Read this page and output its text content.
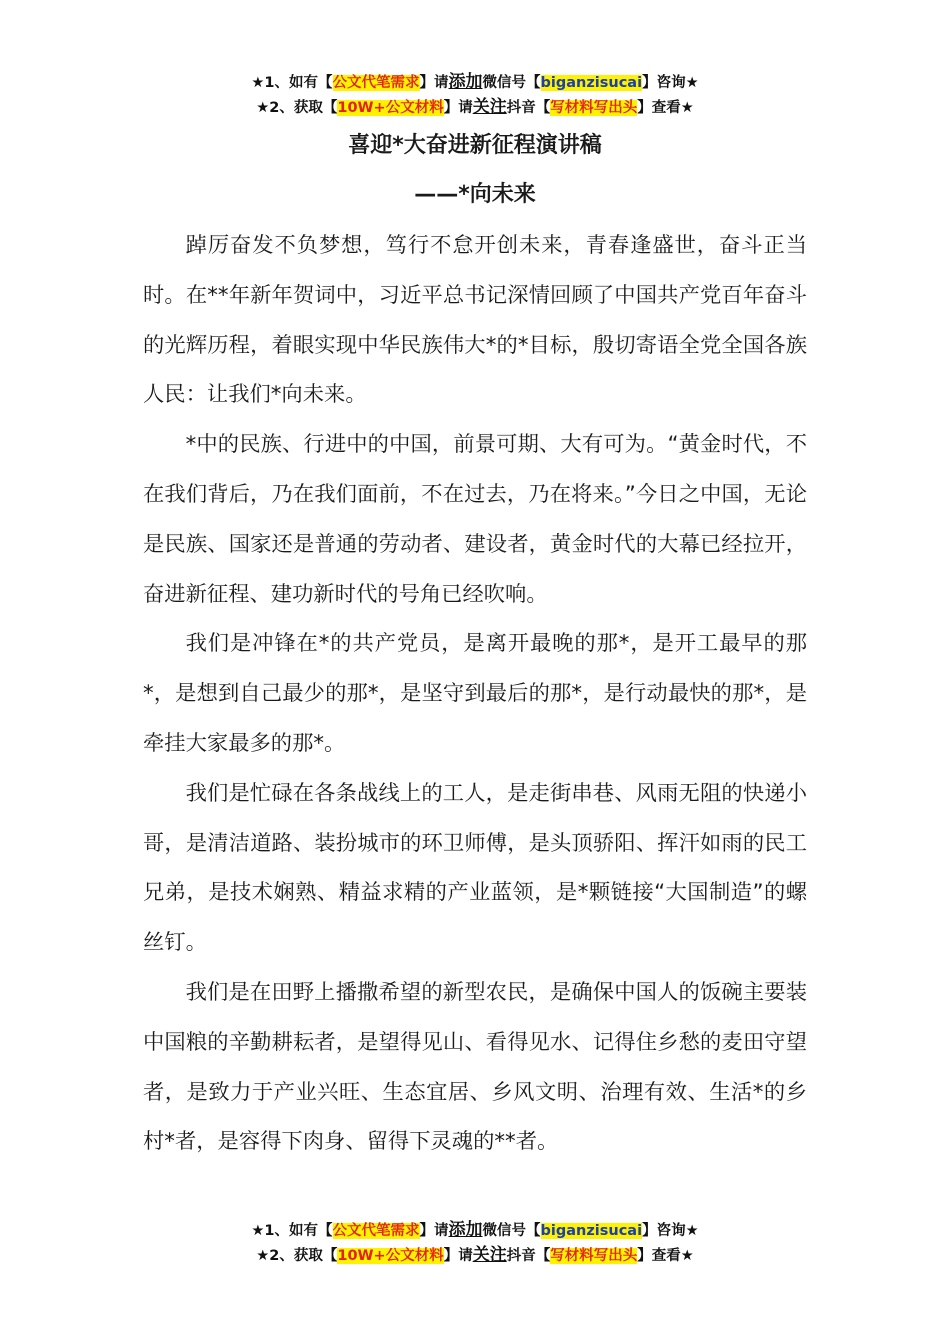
★1、如有【公文代笔需求】请添加微信号【biganzisucai】咨询★
★2、获取【10W+公文材料】请关注抖音【写材料写出头】查看★
喜迎*大奋进新征程演讲稿
——*向未来

踔厉奋发不负梦想，笃行不怠开创未来，青春逢盛世，奋斗正当时。在**年新年贺词中，习近平总书记深情回顾了中国共产党百年奋斗的光辉历程，着眼实现中华民族伟大*的*目标，殷切寄语全党全国各族人民：让我们*向未来。

*中的民族、行进中的中国，前景可期、大有可为。“黄金时代，不在我们背后，乃在我们面前，不在过去，乃在将来。”今日之中国，无论是民族、国家还是普通的劳动者、建设者，黄金时代的大幕已经拉开，奋进新征程、建功新时代的号角已经吹响。

我们是冲锋在*的共产党员，是离开最晚的那*，是开工最早的那*，是想到自己最少的那*，是坚守到最后的那*，是行动最快的那*，是牵挂大家最多的那*。

我们是忙碌在各条战线上的工人，是走街串巷、风雨无阻的快递小哥，是清洁道路、装扮城市的环卫师傅，是头顶骄阳、挥汗如雨的民工兄弟，是技术娴熟、精益求精的产业蓝领，是*颗链接“大国制造”的螺丝钉。

我们是在田野上播撒希望的新型农民，是确保中国人的饭碗主要装中国粮的辛勤耕耘者，是望得见山、看得见水、记得住乡愁的麦田守望者，是致力于产业兴旺、生态宜居、乡风文明、治理有效、生活*的乡村*者，是容得下肉身、留得下灵魂的**者。

★1、如有【公文代笔需求】请添加微信号【biganzisucai】咨询★
★2、获取【10W+公文材料】请关注抖音【写材料写出头】查看★
